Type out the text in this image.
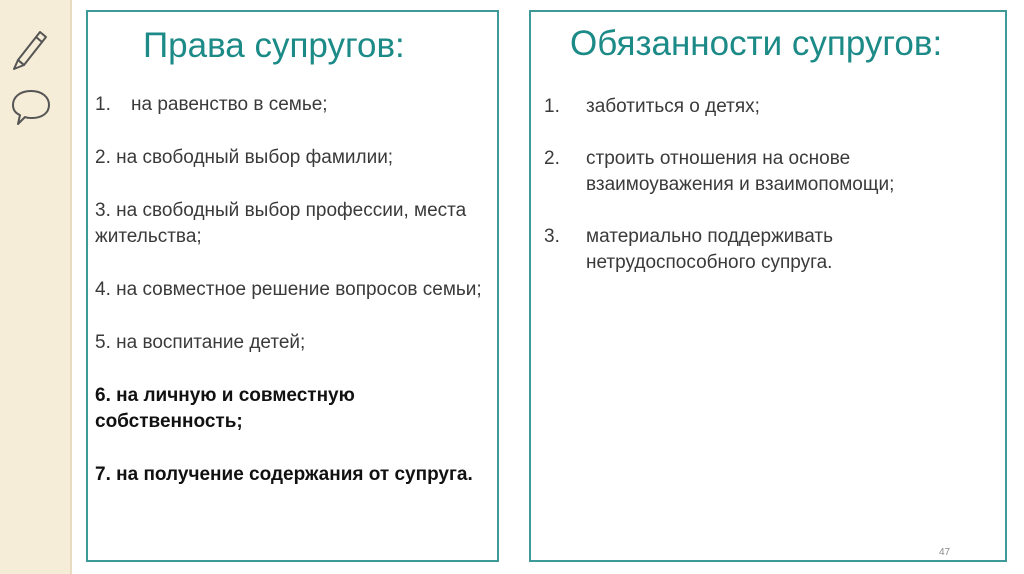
Права супругов:

1.	на равенство в семье;

2. на свободный выбор фамилии;

3. на свободный выбор профессии, места жительства;

4. на совместное решение вопросов семьи;

5. на воспитание детей;

6. на личную и совместную собственность;

7. на получение содержания от супруга.

Обязанности супругов:
1.	заботиться о детях;
2.	строить отношения на основе взаимоуважения и взаимопомощи;
3.	материально поддерживать нетрудоспособного супруга.
47
